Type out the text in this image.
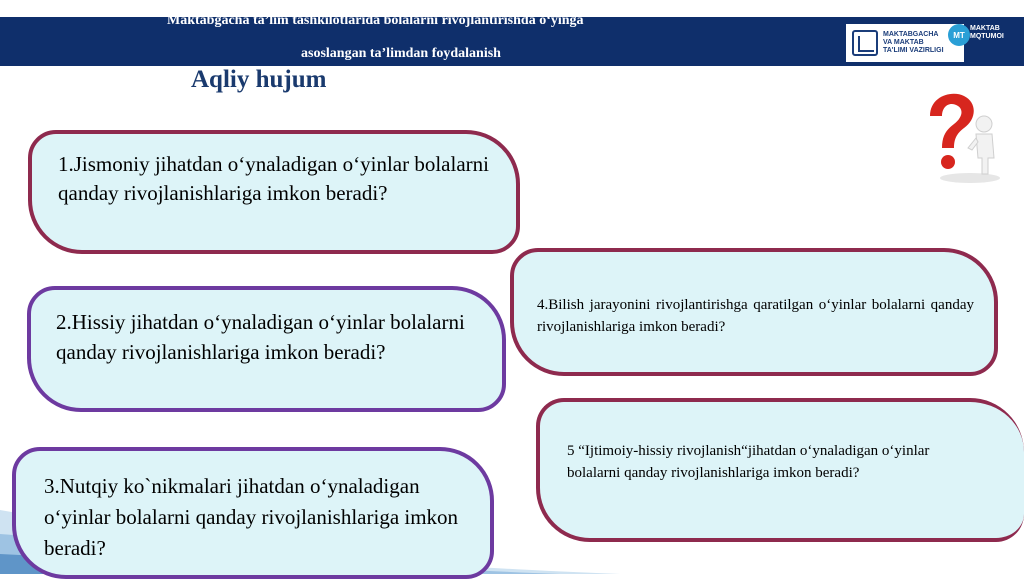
Maktabgacha ta’lim tashkilotlarida bolalarni rivojlantirishda o‘yinga
asoslangan ta’limdan foydalanish
MAKTABGACHA
VA MAKTAB
TA'LIMI VAZIRLIGI
MT
MAKTAB
MQTUMOI
Aqliy hujum
1.Jismoniy jihatdan o‘ynaladigan o‘yinlar bolalarni qanday rivojlanishlariga imkon beradi?
2.Hissiy jihatdan o‘ynaladigan o‘yinlar bolalarni qanday rivojlanishlariga imkon beradi?
3.Nutqiy ko`nikmalari jihatdan o‘ynaladigan o‘yinlar bolalarni qanday rivojlanishlariga imkon beradi?
4.Bilish jarayonini rivojlantirishga qaratilgan o‘yinlar bolalarni qanday rivojlanishlariga imkon beradi?
5 “Ijtimoiy-hissiy rivojlanish“jihatdan o‘ynaladigan o‘yinlar bolalarni qanday rivojlanishlariga imkon beradi?
